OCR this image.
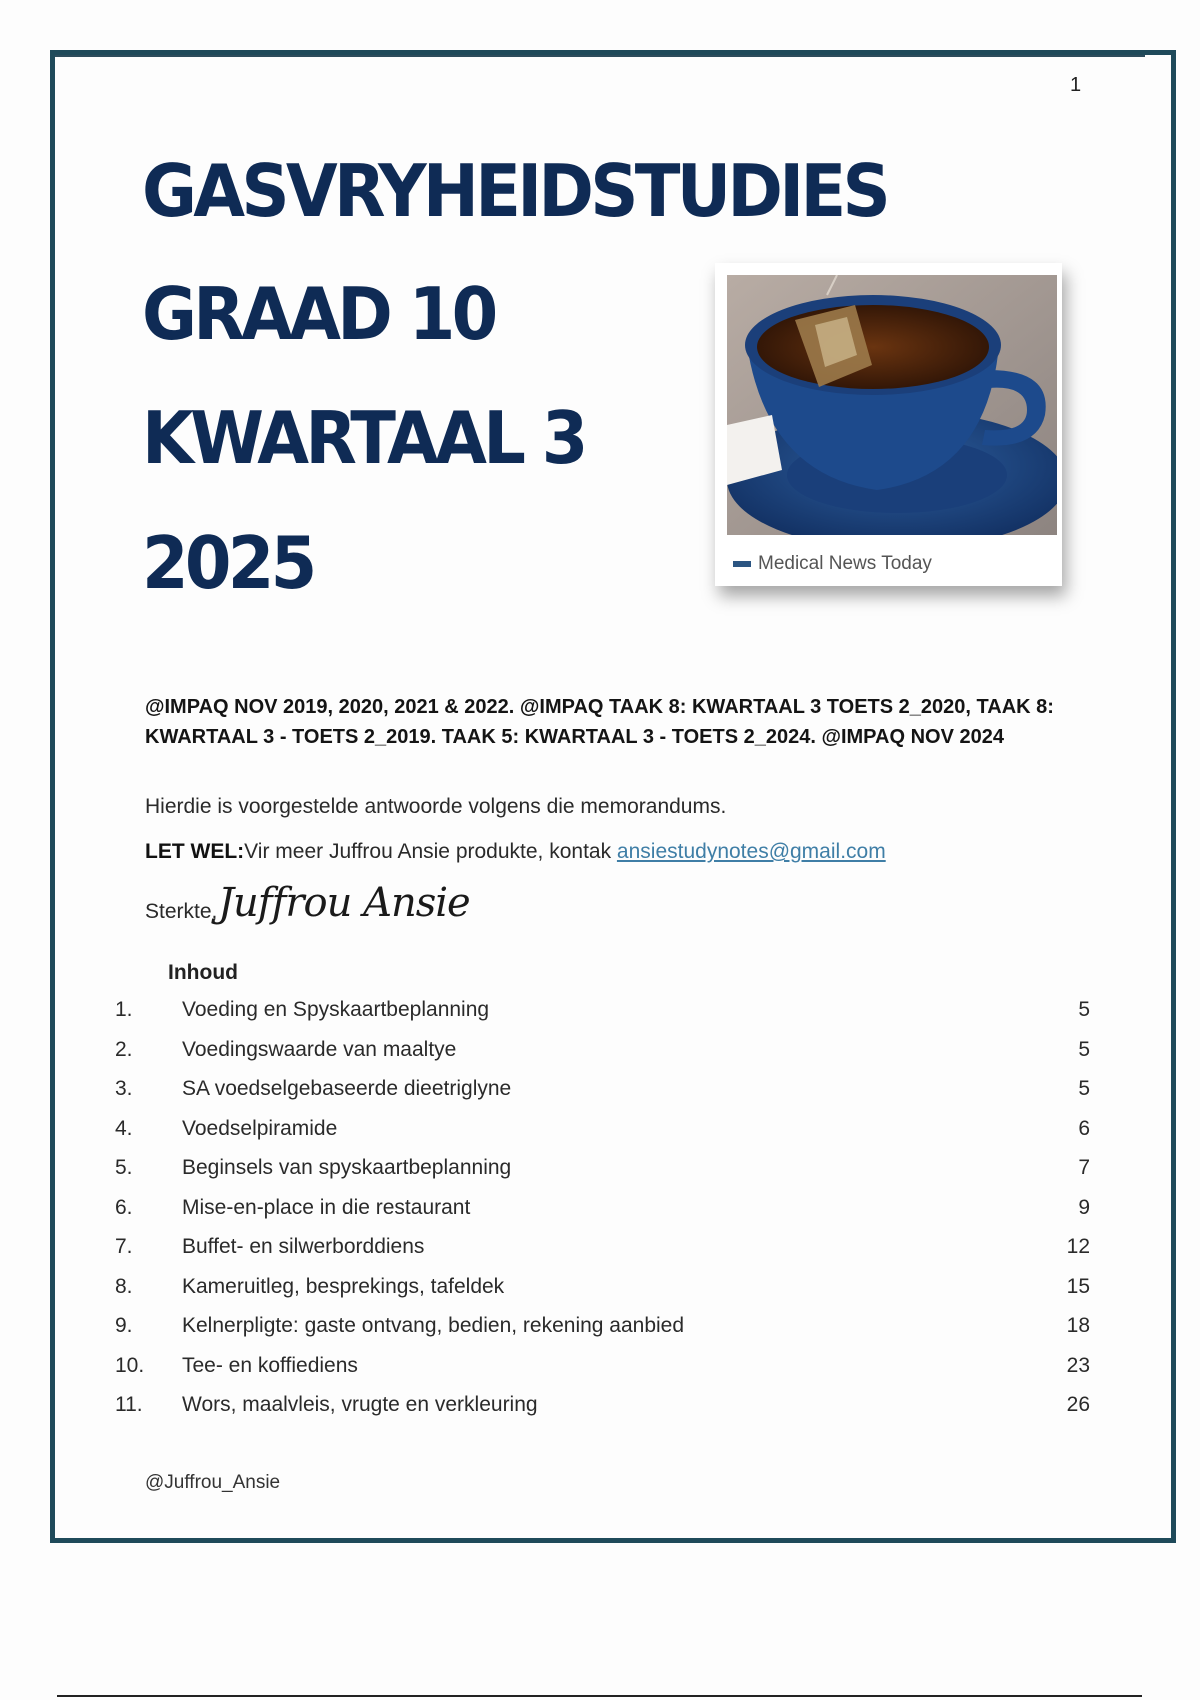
1
GASVRYHEIDSTUDIES
GRAAD 10
KWARTAAL 3
2025	Medical News Today

@IMPAQ NOV 2019, 2020, 2021 & 2022. @IMPAQ TAAK 8: KWARTAAL 3 TOETS 2_2020, TAAK 8: KWARTAAL 3 - TOETS 2_2019. TAAK 5: KWARTAAL 3 - TOETS 2_2024. @IMPAQ NOV 2024

Hierdie is voorgestelde antwoorde volgens die memorandums.

LET WEL:Vir meer Juffrou Ansie produkte, kontak ansiestudynotes@gmail.com

Sterkte, Juffrou Ansie
Inhoud
1. Voeding en Spyskaartbeplanning	5
2. Voedingswaarde van maaltye	5
3. SA voedselgebaseerde dieetriglyne	5
4. Voedselpiramide	6
5. Beginsels van spyskaartbeplanning	7
6. Mise-en-place in die restaurant	9
7. Buffet- en silwerborddiens	12
8. Kameruitleg, besprekings, tafeldek	15
9. Kelnerpligte: gaste ontvang, bedien, rekening aanbied	18
10. Tee- en koffiediens	23
11. Wors, maalvleis, vrugte en verkleuring	26
@Juffrou_Ansie
